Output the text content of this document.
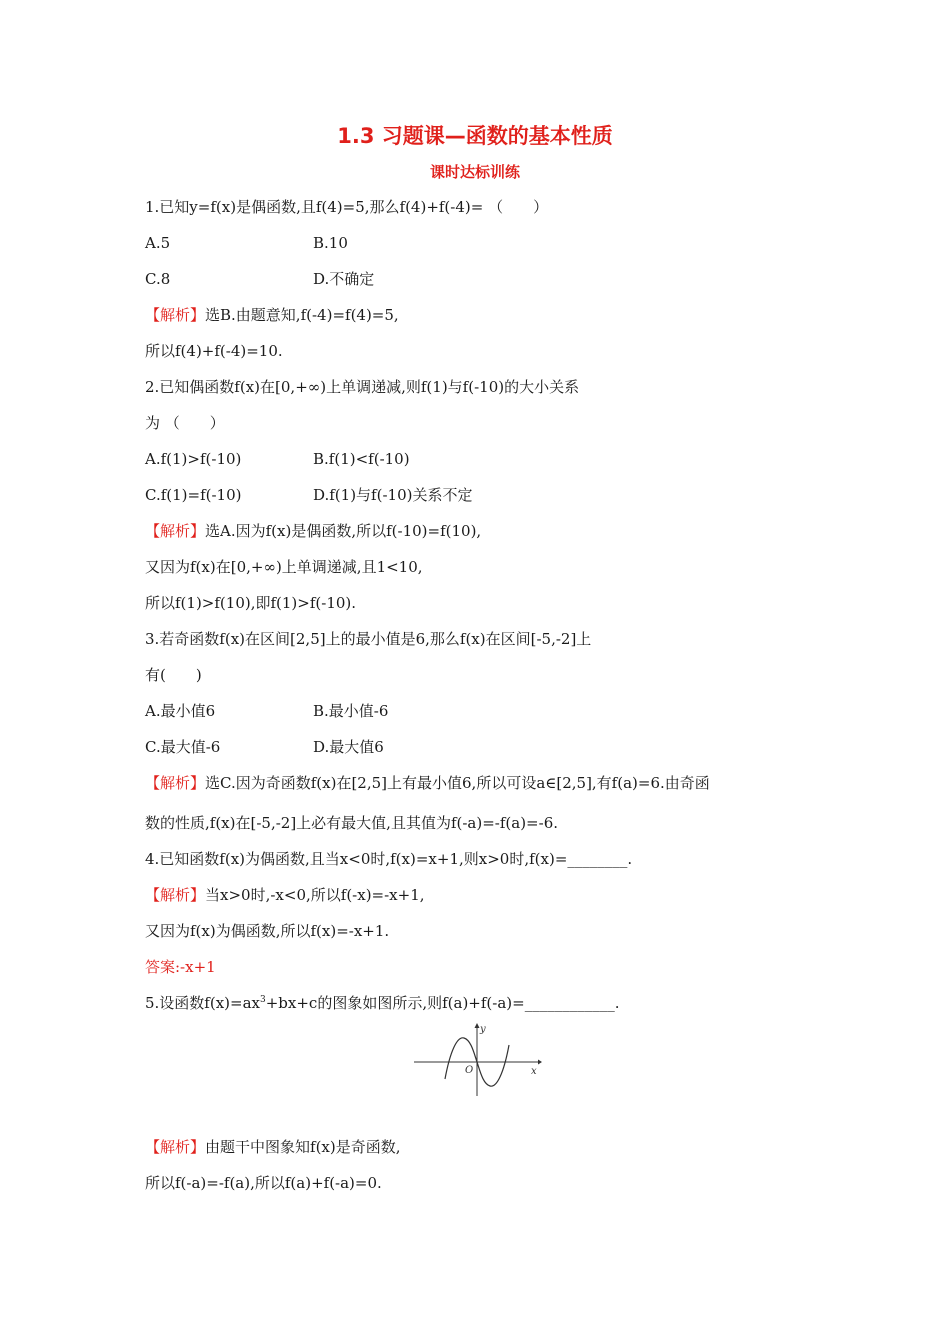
1.3 习题课—函数的基本性质
课时达标训练
1.已知y=f(x)是偶函数,且f(4)=5,那么f(4)+f(-4)= （　　）
A.5	B.10
C.8	D.不确定
【解析】选B.由题意知,f(-4)=f(4)=5,
所以f(4)+f(-4)=10.
2.已知偶函数f(x)在[0,+∞)上单调递减,则f(1)与f(-10)的大小关系
为 （　　）
A.f(1)>f(-10)	B.f(1)<f(-10)
C.f(1)=f(-10)	D.f(1)与f(-10)关系不定
【解析】选A.因为f(x)是偶函数,所以f(-10)=f(10),
又因为f(x)在[0,+∞)上单调递减,且1<10,
所以f(1)>f(10),即f(1)>f(-10).
3.若奇函数f(x)在区间[2,5]上的最小值是6,那么f(x)在区间[-5,-2]上
有(　　)
A.最小值6	B.最小值-6
C.最大值-6	D.最大值6
【解析】选C.因为奇函数f(x)在[2,5]上有最小值6,所以可设a∈[2,5],有f(a)=6.由奇函
数的性质,f(x)在[-5,-2]上必有最大值,且其值为f(-a)=-f(a)=-6.
4.已知函数f(x)为偶函数,且当x<0时,f(x)=x+1,则x>0时,f(x)=________.
【解析】当x>0时,-x<0,所以f(-x)=-x+1,
又因为f(x)为偶函数,所以f(x)=-x+1.
答案:-x+1
5.设函数$f(x)=ax^3+bx+c$的图象如图所示,则f(a)+f(-a)=____________.
y
x
O
【解析】由题干中图象知f(x)是奇函数,
所以f(-a)=-f(a),所以f(a)+f(-a)=0.
